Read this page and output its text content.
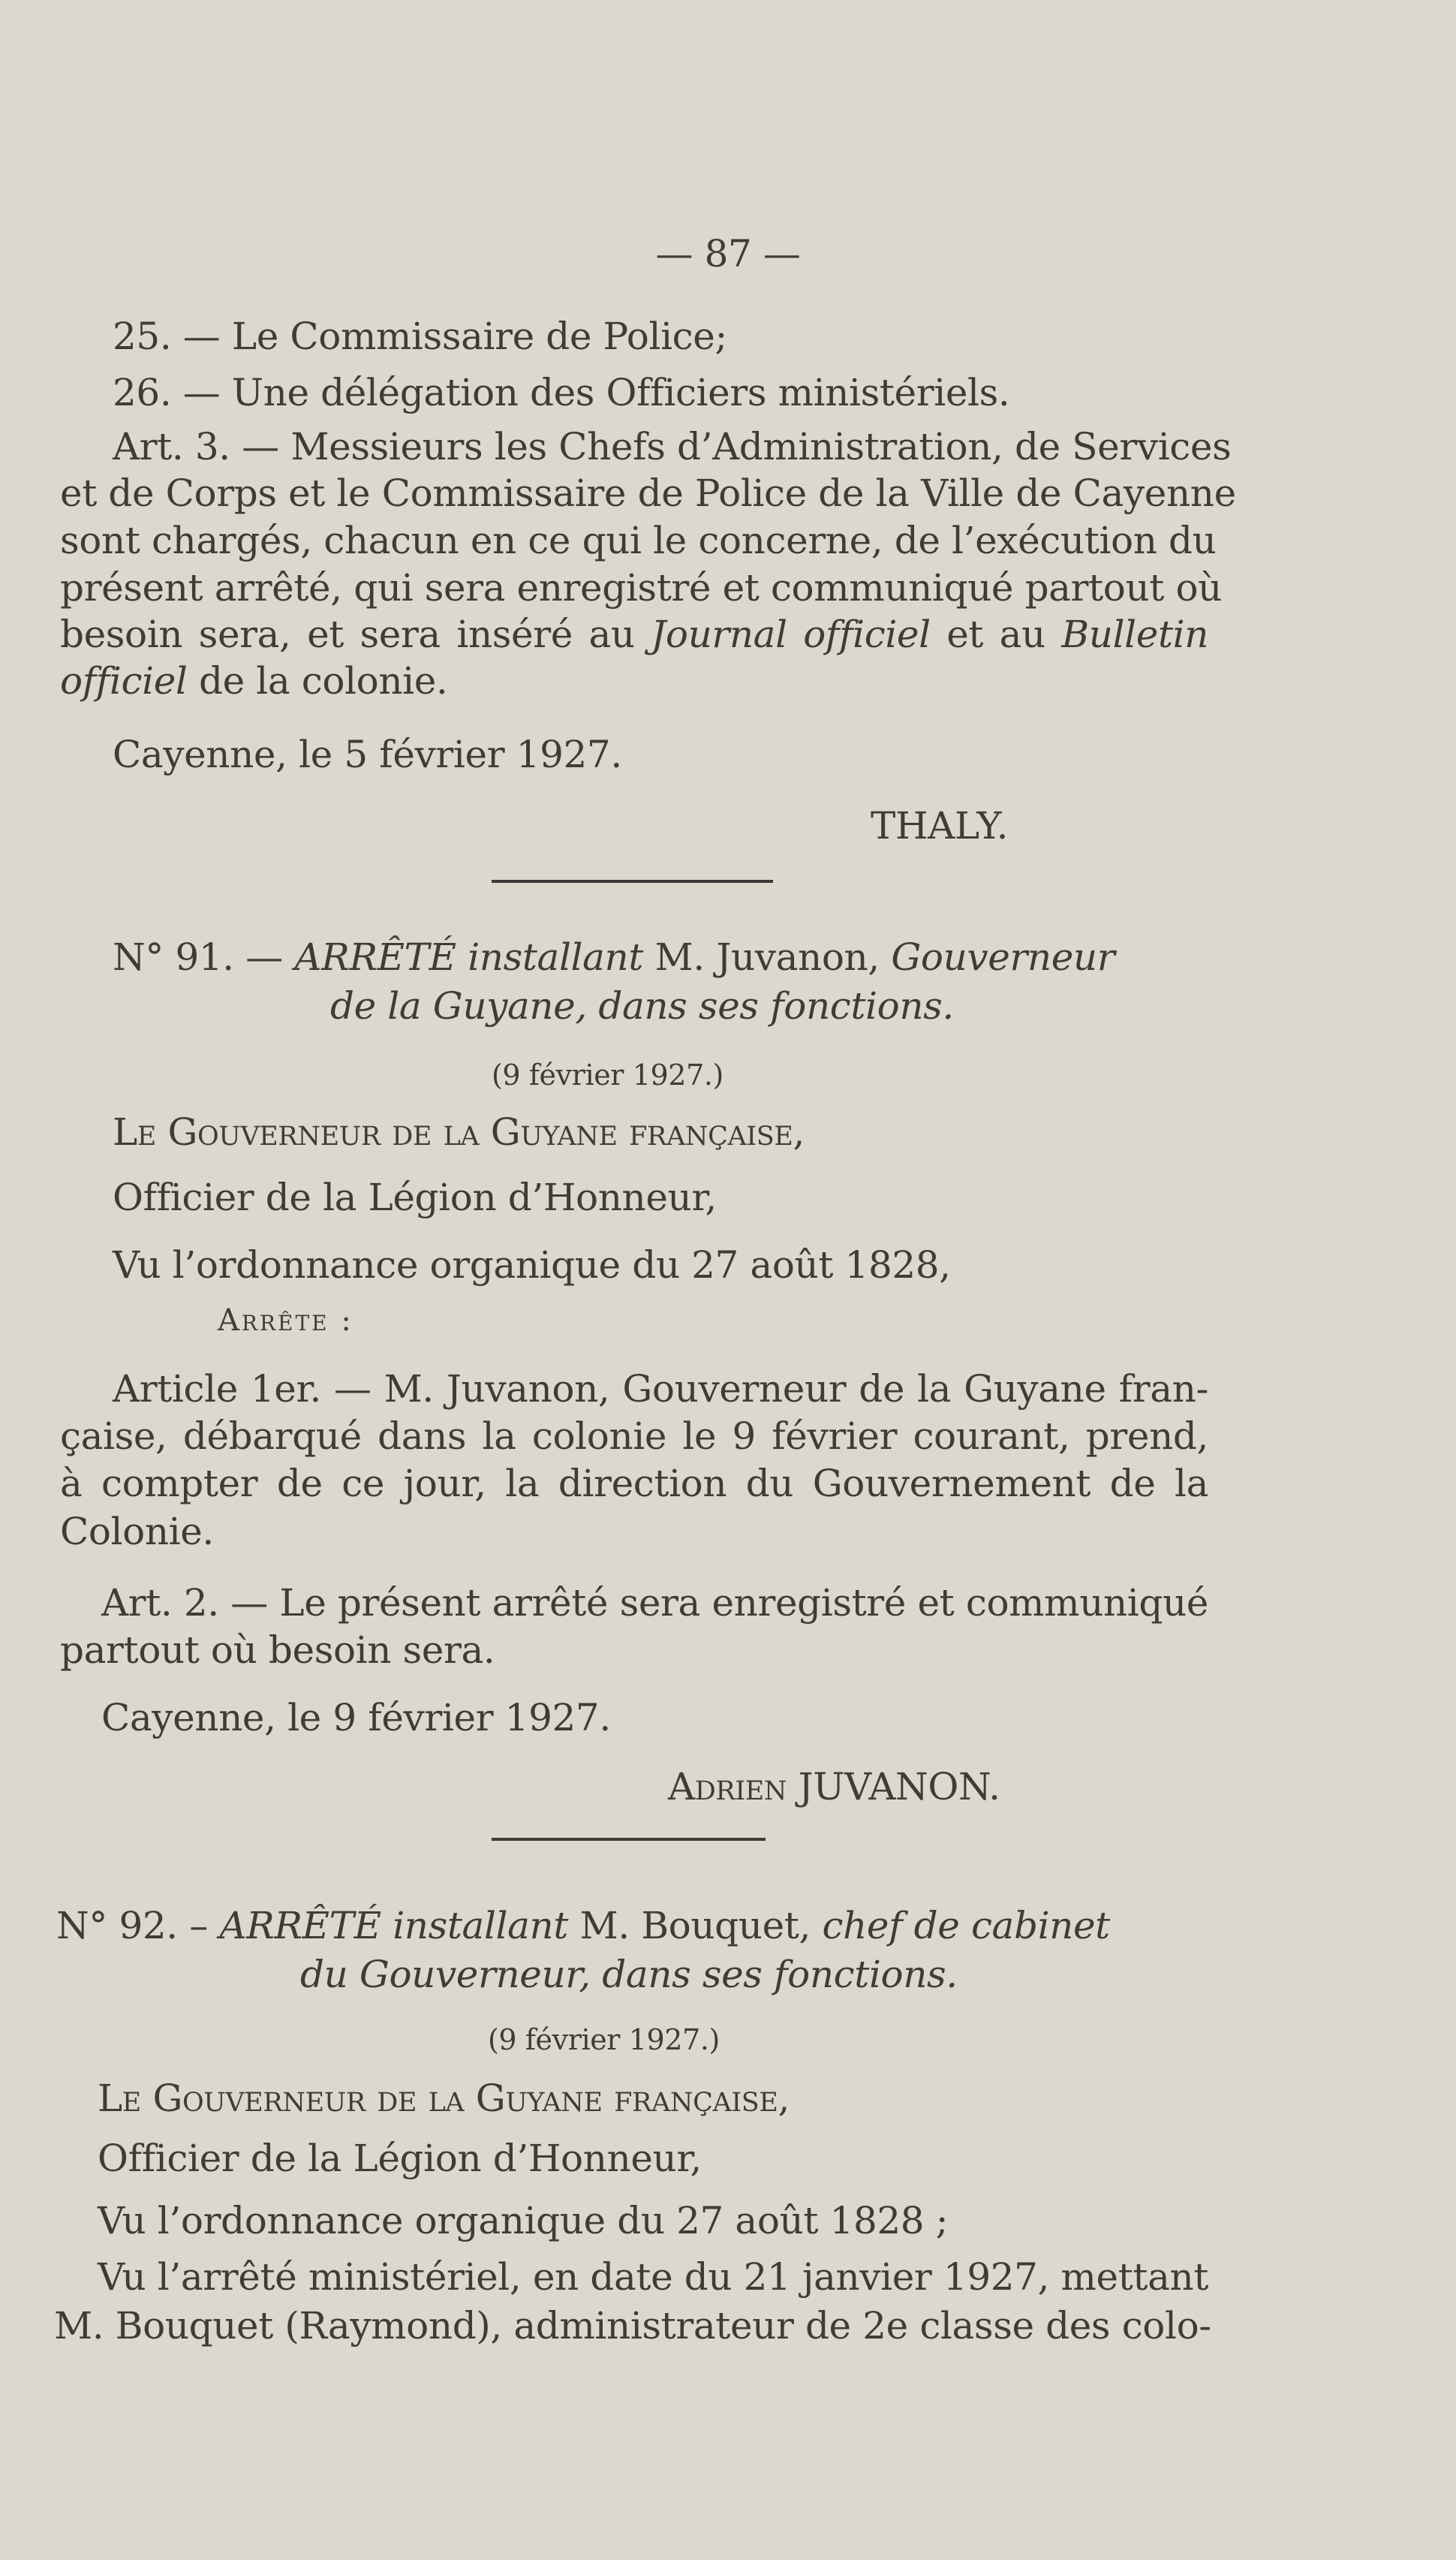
— 87 —
25. — Le Commissaire de Police;
26. — Une délégation des Officiers ministériels.
Art. 3. — Messieurs les Chefs d’Administration, de Services
et de Corps et le Commissaire de Police de la Ville de Cayenne
sont chargés, chacun en ce qui le concerne, de l’exécution du
présent arrêté, qui sera enregistré et communiqué partout où
besoin sera, et sera inséré au Journal officiel et au Bulletin
officiel de la colonie.
Cayenne, le 5 février 1927.
THALY.
N° 91. — ARRÊTÉ installant M. Juvanon, Gouverneur
de la Guyane, dans ses fonctions.
(9 février 1927.)
Le Gouverneur de la Guyane française,
Officier de la Légion d’Honneur,
Vu l’ordonnance organique du 27 août 1828,
Arrête :
Article 1er. — M. Juvanon, Gouverneur de la Guyane fran-
çaise, débarqué dans la colonie le 9 février courant, prend,
à compter de ce jour, la direction du Gouvernement de la
Colonie.
Art. 2. — Le présent arrêté sera enregistré et communiqué
partout où besoin sera.
Cayenne, le 9 février 1927.
Adrien JUVANON.
N° 92. – ARRÊTÉ installant M. Bouquet, chef de cabinet
du Gouverneur, dans ses fonctions.
(9 février 1927.)
Le Gouverneur de la Guyane française,
Officier de la Légion d’Honneur,
Vu l’ordonnance organique du 27 août 1828 ;
Vu l’arrêté ministériel, en date du 21 janvier 1927, mettant
M. Bouquet (Raymond), administrateur de 2e classe des colo-
